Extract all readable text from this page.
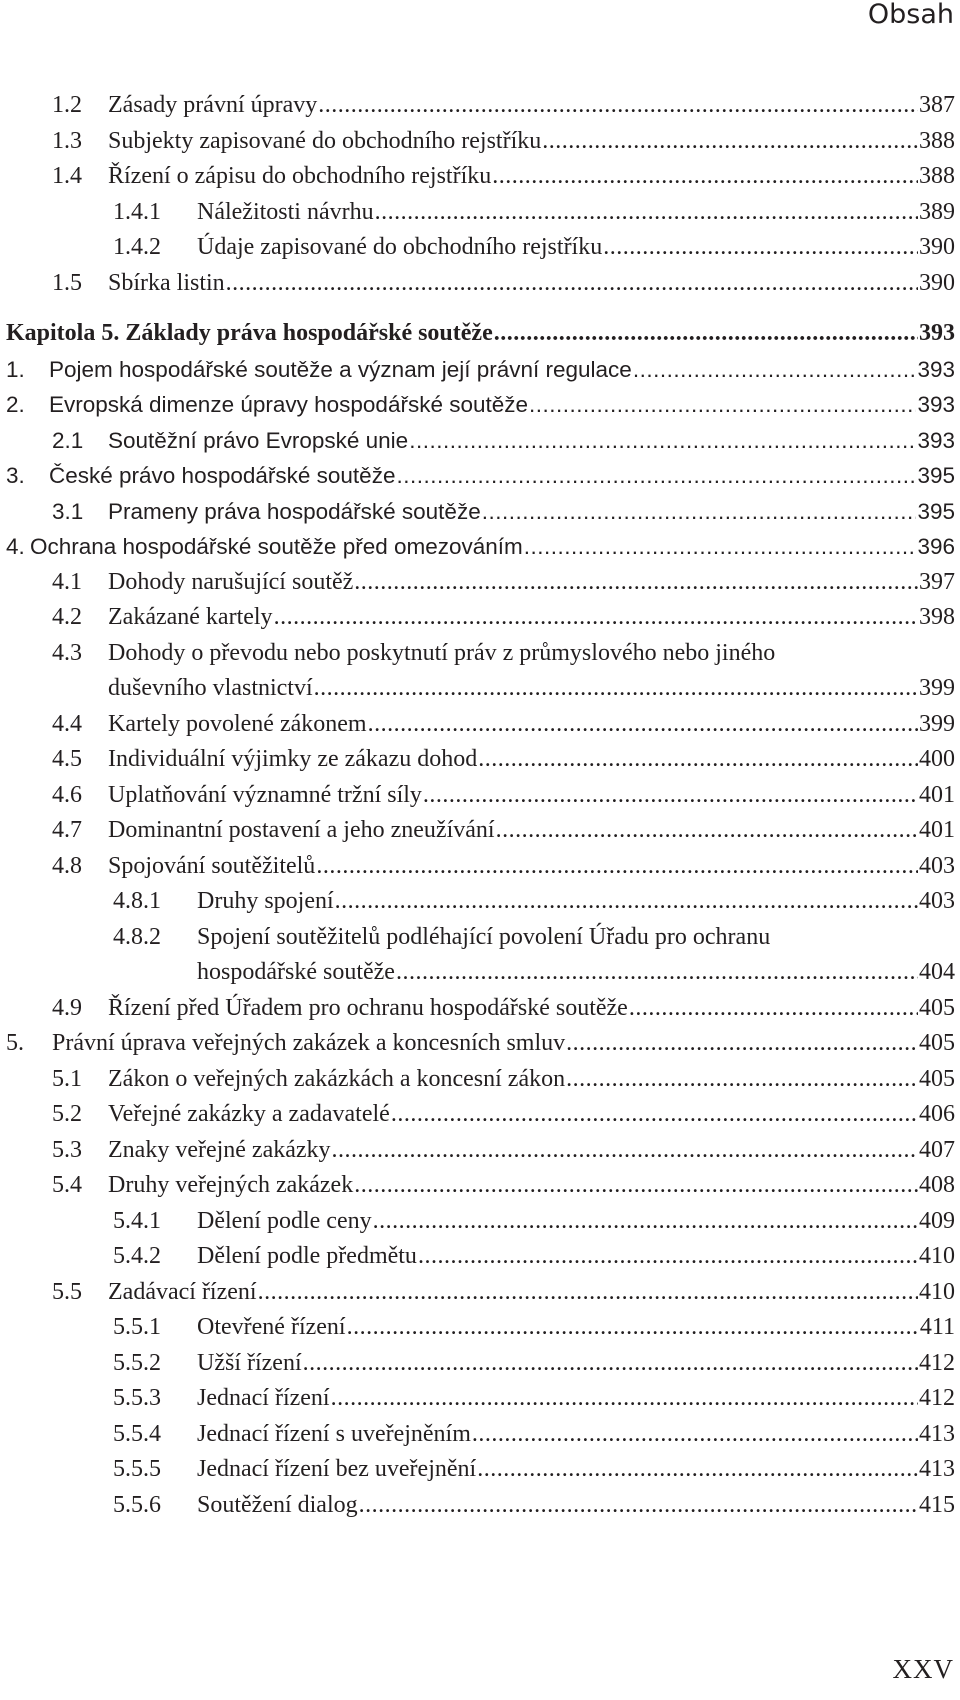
Obsah
1.2	Zásady právní úpravy .....	387
1.3	Subjekty zapisované do obchodního rejstříku .....	388
1.4	Řízení o zápisu do obchodního rejstříku .....	388
1.4.1	Náležitosti návrhu .....	389
1.4.2	Údaje zapisované do obchodního rejstříku .....	390
1.5	Sbírka listin .....	390
Kapitola 5. Základy práva hospodářské soutěže .....	393
1.	Pojem hospodářské soutěže a význam její právní regulace .....	393
2.	Evropská dimenze úpravy hospodářské soutěže .....	393
2.1	Soutěžní právo Evropské unie .....	393
3.	České právo hospodářské soutěže .....	395
3.1	Prameny práva hospodářské soutěže .....	395
4. Ochrana hospodářské soutěže před omezováním .....	396
4.1	Dohody narušující soutěž .....	397
4.2	Zakázané kartely .....	398
4.3	Dohody o převodu nebo poskytnutí práv z průmyslového nebo jiného
duševního vlastnictví .....	399
4.4	Kartely povolené zákonem .....	399
4.5	Individuální výjimky ze zákazu dohod .....	400
4.6	Uplatňování významné tržní síly .....	401
4.7	Dominantní postavení a jeho zneužívání .....	401
4.8	Spojování soutěžitelů .....	403
4.8.1	Druhy spojení .....	403
4.8.2	Spojení soutěžitelů podléhající povolení Úřadu pro ochranu
hospodářské soutěže .....	404
4.9	Řízení před Úřadem pro ochranu hospodářské soutěže .....	405
5.	Právní úprava veřejných zakázek a koncesních smluv .....	405
5.1	Zákon o veřejných zakázkách a koncesní zákon .....	405
5.2	Veřejné zakázky a zadavatelé .....	406
5.3	Znaky veřejné zakázky .....	407
5.4	Druhy veřejných zakázek .....	408
5.4.1	Dělení podle ceny .....	409
5.4.2	Dělení podle předmětu .....	410
5.5	Zadávací řízení .....	410
5.5.1	Otevřené řízení .....	411
5.5.2	Užší řízení .....	412
5.5.3	Jednací řízení .....	412
5.5.4	Jednací řízení s uveřejněním .....	413
5.5.5	Jednací řízení bez uveřejnění .....	413
5.5.6	Soutěžení dialog .....	415
XXV
